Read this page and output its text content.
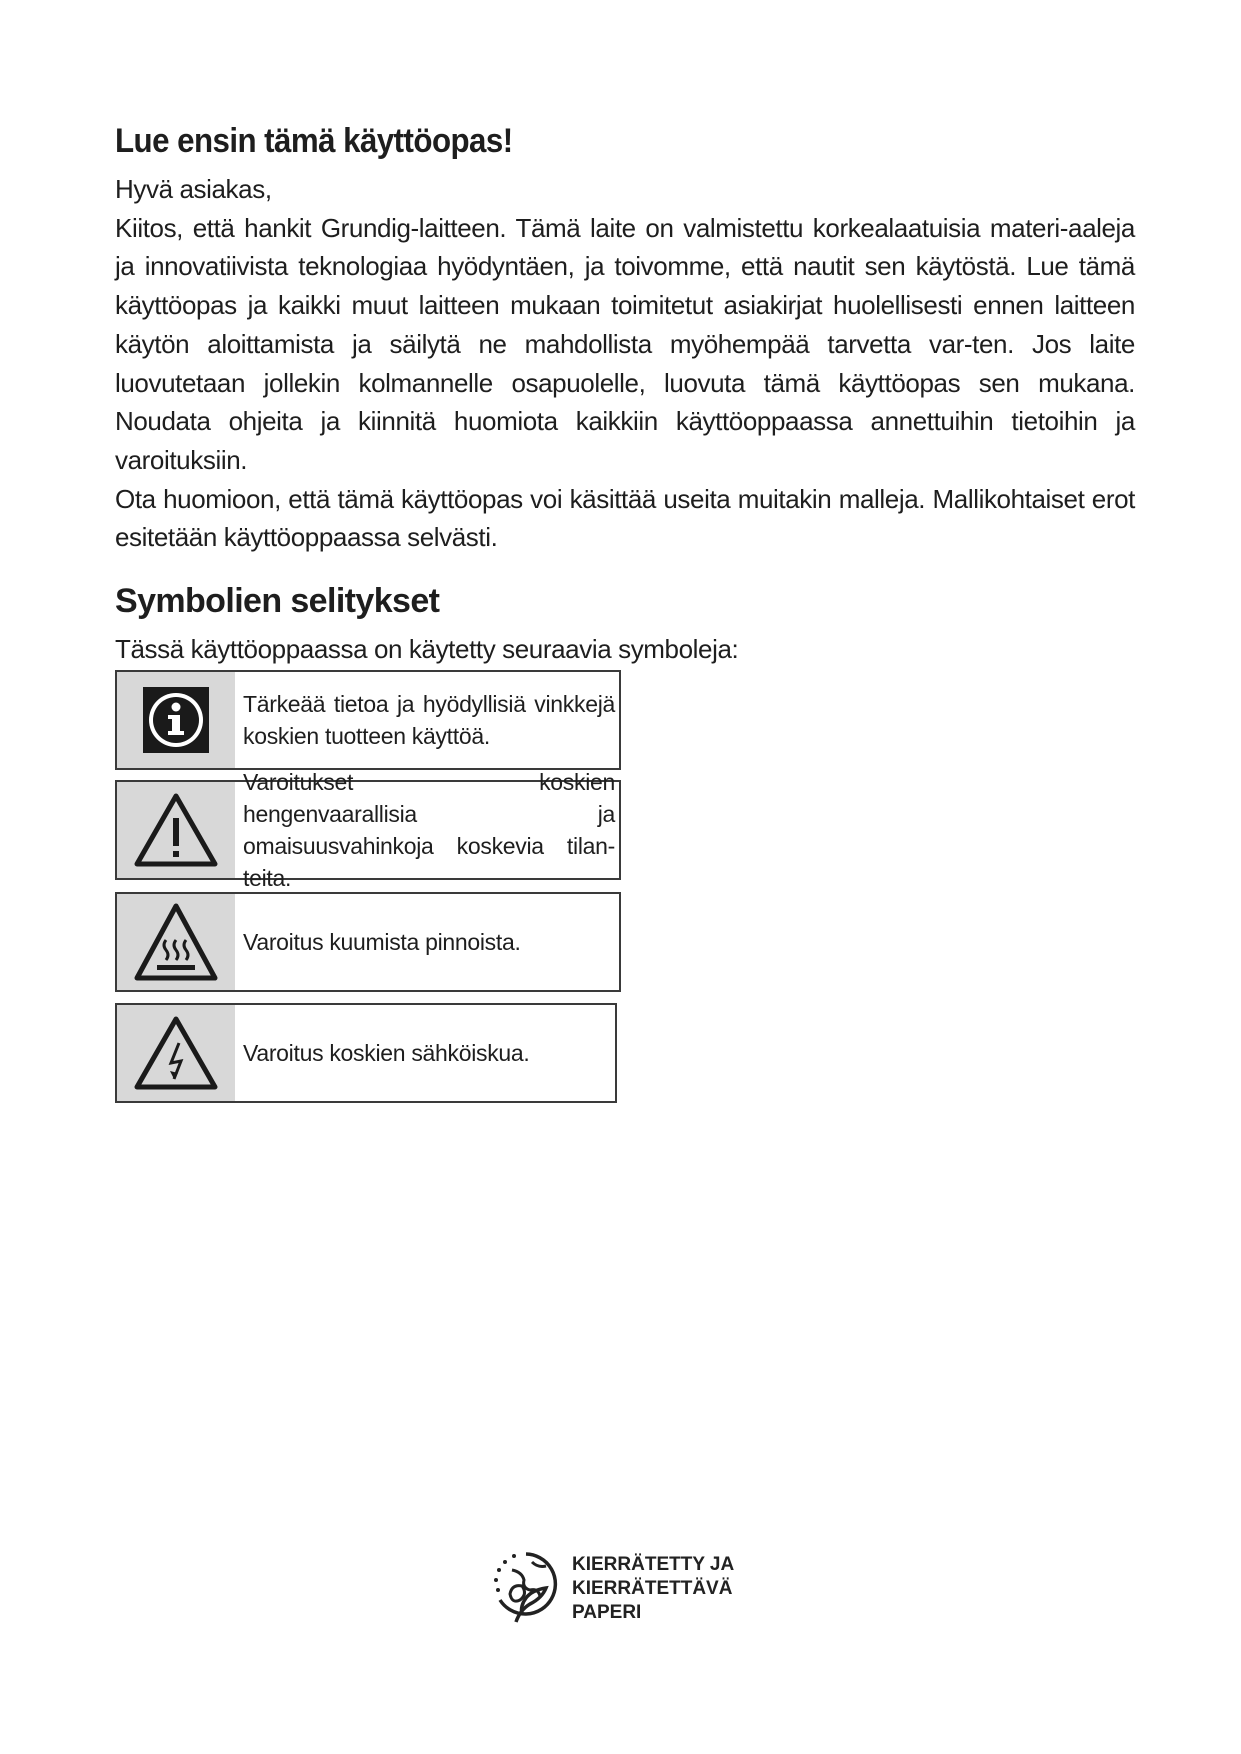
Lue ensin tämä käyttöopas!

Hyvä asiakas,

Kiitos, että hankit Grundig-laitteen. Tämä laite on valmistettu korkealaatuisia materi-aaleja ja innovatiivista teknologiaa hyödyntäen, ja toivomme, että nautit sen käytöstä. Lue tämä käyttöopas ja kaikki muut laitteen mukaan toimitetut asiakirjat huolellisesti ennen laitteen käytön aloittamista ja säilytä ne mahdollista myöhempää tarvetta var-ten. Jos laite luovutetaan jollekin kolmannelle osapuolelle, luovuta tämä käyttöopas sen mukana. Noudata ohjeita ja kiinnitä huomiota kaikkiin käyttöoppaassa annettuihin tietoihin ja varoituksiin.

Ota huomioon, että tämä käyttöopas voi käsittää useita muitakin malleja. Mallikohtaiset erot esitetään käyttöoppaassa selvästi.

Symbolien selitykset

Tässä käyttöoppaassa on käytetty seuraavia symboleja:

Tärkeää tietoa ja hyödyllisiä vinkkejä koskien tuotteen käyttöä.
Varoitukset koskien hengenvaarallisia ja omaisuusvahinkoja koskevia tilan-teita.
Varoitus kuumista pinnoista.
Varoitus koskien sähköiskua.
KIERRÄTETTY JA
KIERRÄTETTÄVÄ
PAPERI
